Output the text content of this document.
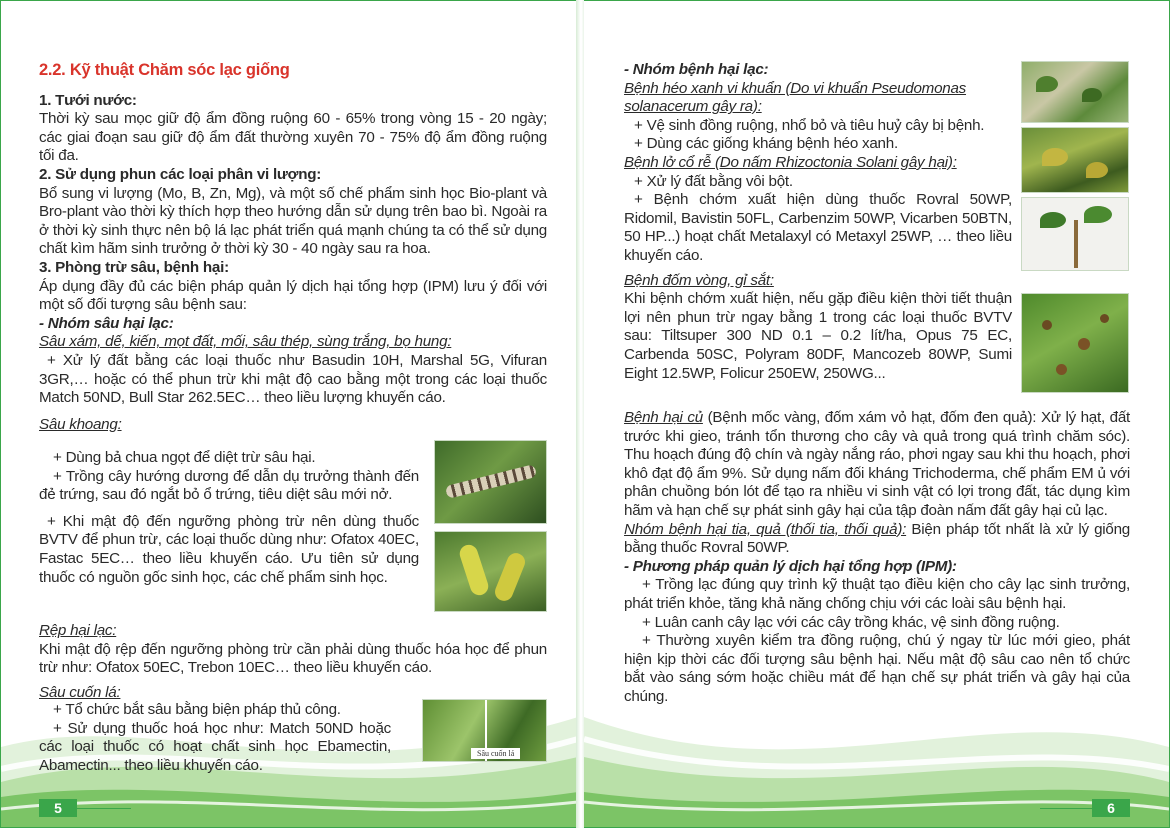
2.2. Kỹ thuật Chăm sóc lạc giống

1. Tưới nước:

Thời kỳ sau mọc giữ độ ẩm đồng ruộng 60 - 65% trong vòng 15 - 20 ngày; các giai đoạn sau giữ độ ẩm đất thường xuyên 70 - 75% độ ẩm đồng ruộng tối đa.

2. Sử dụng phun các loại phân vi lượng:

Bổ sung vi lượng (Mo, B, Zn, Mg), và một số chế phẩm sinh học Bio-plant và Bro-plant vào thời kỳ thích hợp theo hướng dẫn sử dụng trên bao bì. Ngoài ra ở thời kỳ sinh thực nên bộ lá lạc phát triển quá mạnh chúng ta có thể sử dụng chất kìm hãm sinh trưởng ở thời kỳ 30 - 40 ngày sau ra hoa.

3. Phòng trừ sâu, bệnh hại:

Áp dụng đầy đủ các biện pháp quản lý dịch hại tổng hợp (IPM) lưu ý đối với một số đối tượng sâu bệnh sau:

- Nhóm sâu hại lạc:

Sâu xám, dế, kiến, mọt đất, mối, sâu thép, sùng trắng, bọ hung:

+ Xử lý đất bằng các loại thuốc như Basudin 10H, Marshal 5G, Vifuran 3GR,… hoặc có thể phun trừ khi mật độ cao bằng một trong các loại thuốc Match 50ND, Bull Star 262.5EC… theo liều lượng khuyến cáo.

Sâu khoang:

+ Dùng bả chua ngọt để diệt trừ sâu hại.

+ Trồng cây hướng dương để dẫn dụ trưởng thành đến đẻ trứng, sau đó ngắt bỏ ổ trứng, tiêu diệt sâu mới nở.

+ Khi mật độ đến ngưỡng phòng trừ nên dùng thuốc BVTV để phun trừ, các loại thuốc dùng như: Ofatox 40EC, Fastac 5EC… theo liều khuyến cáo. Ưu tiên sử dụng thuốc có nguồn gốc sinh học, các chế phẩm sinh học.

Rệp hại lạc:

Khi mật độ rệp đến ngưỡng phòng trừ cần phải dùng thuốc hóa học để phun trừ như: Ofatox 50EC, Trebon 10EC… theo liều khuyến cáo.

Sâu cuốn lá:

+ Tổ chức bắt sâu bằng biện pháp thủ công.

+ Sử dụng thuốc hoá học như: Match 50ND hoặc các loại thuốc có hoạt chất sinh học Ebamectin, Abamectin... theo liều khuyến cáo.

Sâu cuốn lá
5

- Nhóm bệnh hại lạc:

Bệnh héo xanh vi khuẩn (Do vi khuẩn Pseudomonas solanacerum gây ra):

+ Vệ sinh đồng ruộng, nhổ bỏ và tiêu huỷ cây bị bệnh.

+ Dùng các giống kháng bệnh héo xanh.

Bệnh lở cổ rễ (Do nấm Rhizoctonia Solani gây hại):

+ Xử lý đất bằng vôi bột.

+ Bệnh chớm xuất hiện dùng thuốc Rovral 50WP, Ridomil, Bavistin 50FL, Carbenzim 50WP, Vicarben 50BTN, 50 HP...) hoạt chất Metalaxyl có Metaxyl 25WP, … theo liều khuyến cáo.

Bệnh đốm vòng, gỉ sắt:

Khi bệnh chớm xuất hiện, nếu gặp điều kiện thời tiết thuận lợi nên phun trừ ngay bằng 1 trong các loại thuốc BVTV sau: Tiltsuper 300 ND 0.1 – 0.2 lít/ha, Opus 75 EC, Carbenda 50SC, Polyram 80DF, Mancozeb 80WP, Sumi Eight 12.5WP, Folicur 250EW, 250WG...

Bệnh hại củ (Bệnh mốc vàng, đốm xám vỏ hạt, đốm đen quả): Xử lý hạt, đất trước khi gieo, tránh tổn thương cho cây và quả trong quá trình chăm sóc). Thu hoạch đúng độ chín và ngày nắng ráo, phơi ngay sau khi thu hoạch, phơi khô đạt độ ẩm 9%. Sử dụng nấm đối kháng Trichoderma, chế phẩm EM ủ với phân chuồng bón lót để tạo ra nhiều vi sinh vật có lợi trong đất, tác dụng kìm hãm và hạn chế sự phát sinh gây hại của tập đoàn nấm đất gây hại củ lạc.

Nhóm bệnh hại tia, quả (thối tia, thối quả): Biện pháp tốt nhất là xử lý giống bằng thuốc Rovral 50WP.

- Phương pháp quản lý dịch hại tổng hợp (IPM):

+ Trồng lạc đúng quy trình kỹ thuật tạo điều kiện cho cây lạc sinh trưởng, phát triển khỏe, tăng khả năng chống chịu với các loài sâu bệnh hại.

+ Luân canh cây lạc với các cây trồng khác, vệ sinh đồng ruộng.

+ Thường xuyên kiểm tra đồng ruộng, chú ý ngay từ lúc mới gieo, phát hiện kịp thời các đối tượng sâu bệnh hại. Nếu mật độ sâu cao nên tổ chức bắt vào sáng sớm hoặc chiều mát để hạn chế sự phát triển và gây hại của chúng.

6
